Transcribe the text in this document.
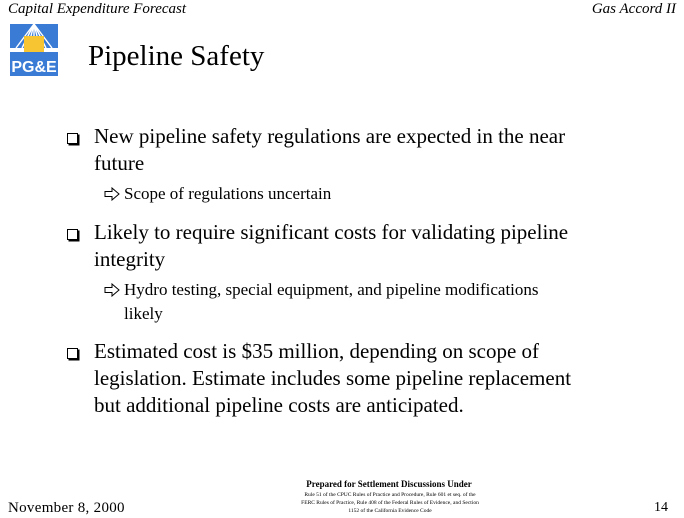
Capital Expenditure Forecast	Gas Accord II
PG&E Pipeline Safety
New pipeline safety regulations are expected in the near
future
Scope of regulations uncertain
Likely to require significant costs for validating pipeline
integrity
Hydro testing, special equipment, and pipeline modifications
likely
Estimated cost is $35 million, depending on scope of
legislation. Estimate includes some pipeline replacement
but additional pipeline costs are anticipated.
November 8, 2000
Prepared for Settlement Discussions Under
Rule 51 of the CPUC Rules of Practice and Procedure, Rule 601 et seq. of the
FERC Rules of Practice, Rule 408 of the Federal Rules of Evidence, and Section
1152 of the California Evidence Code	14
